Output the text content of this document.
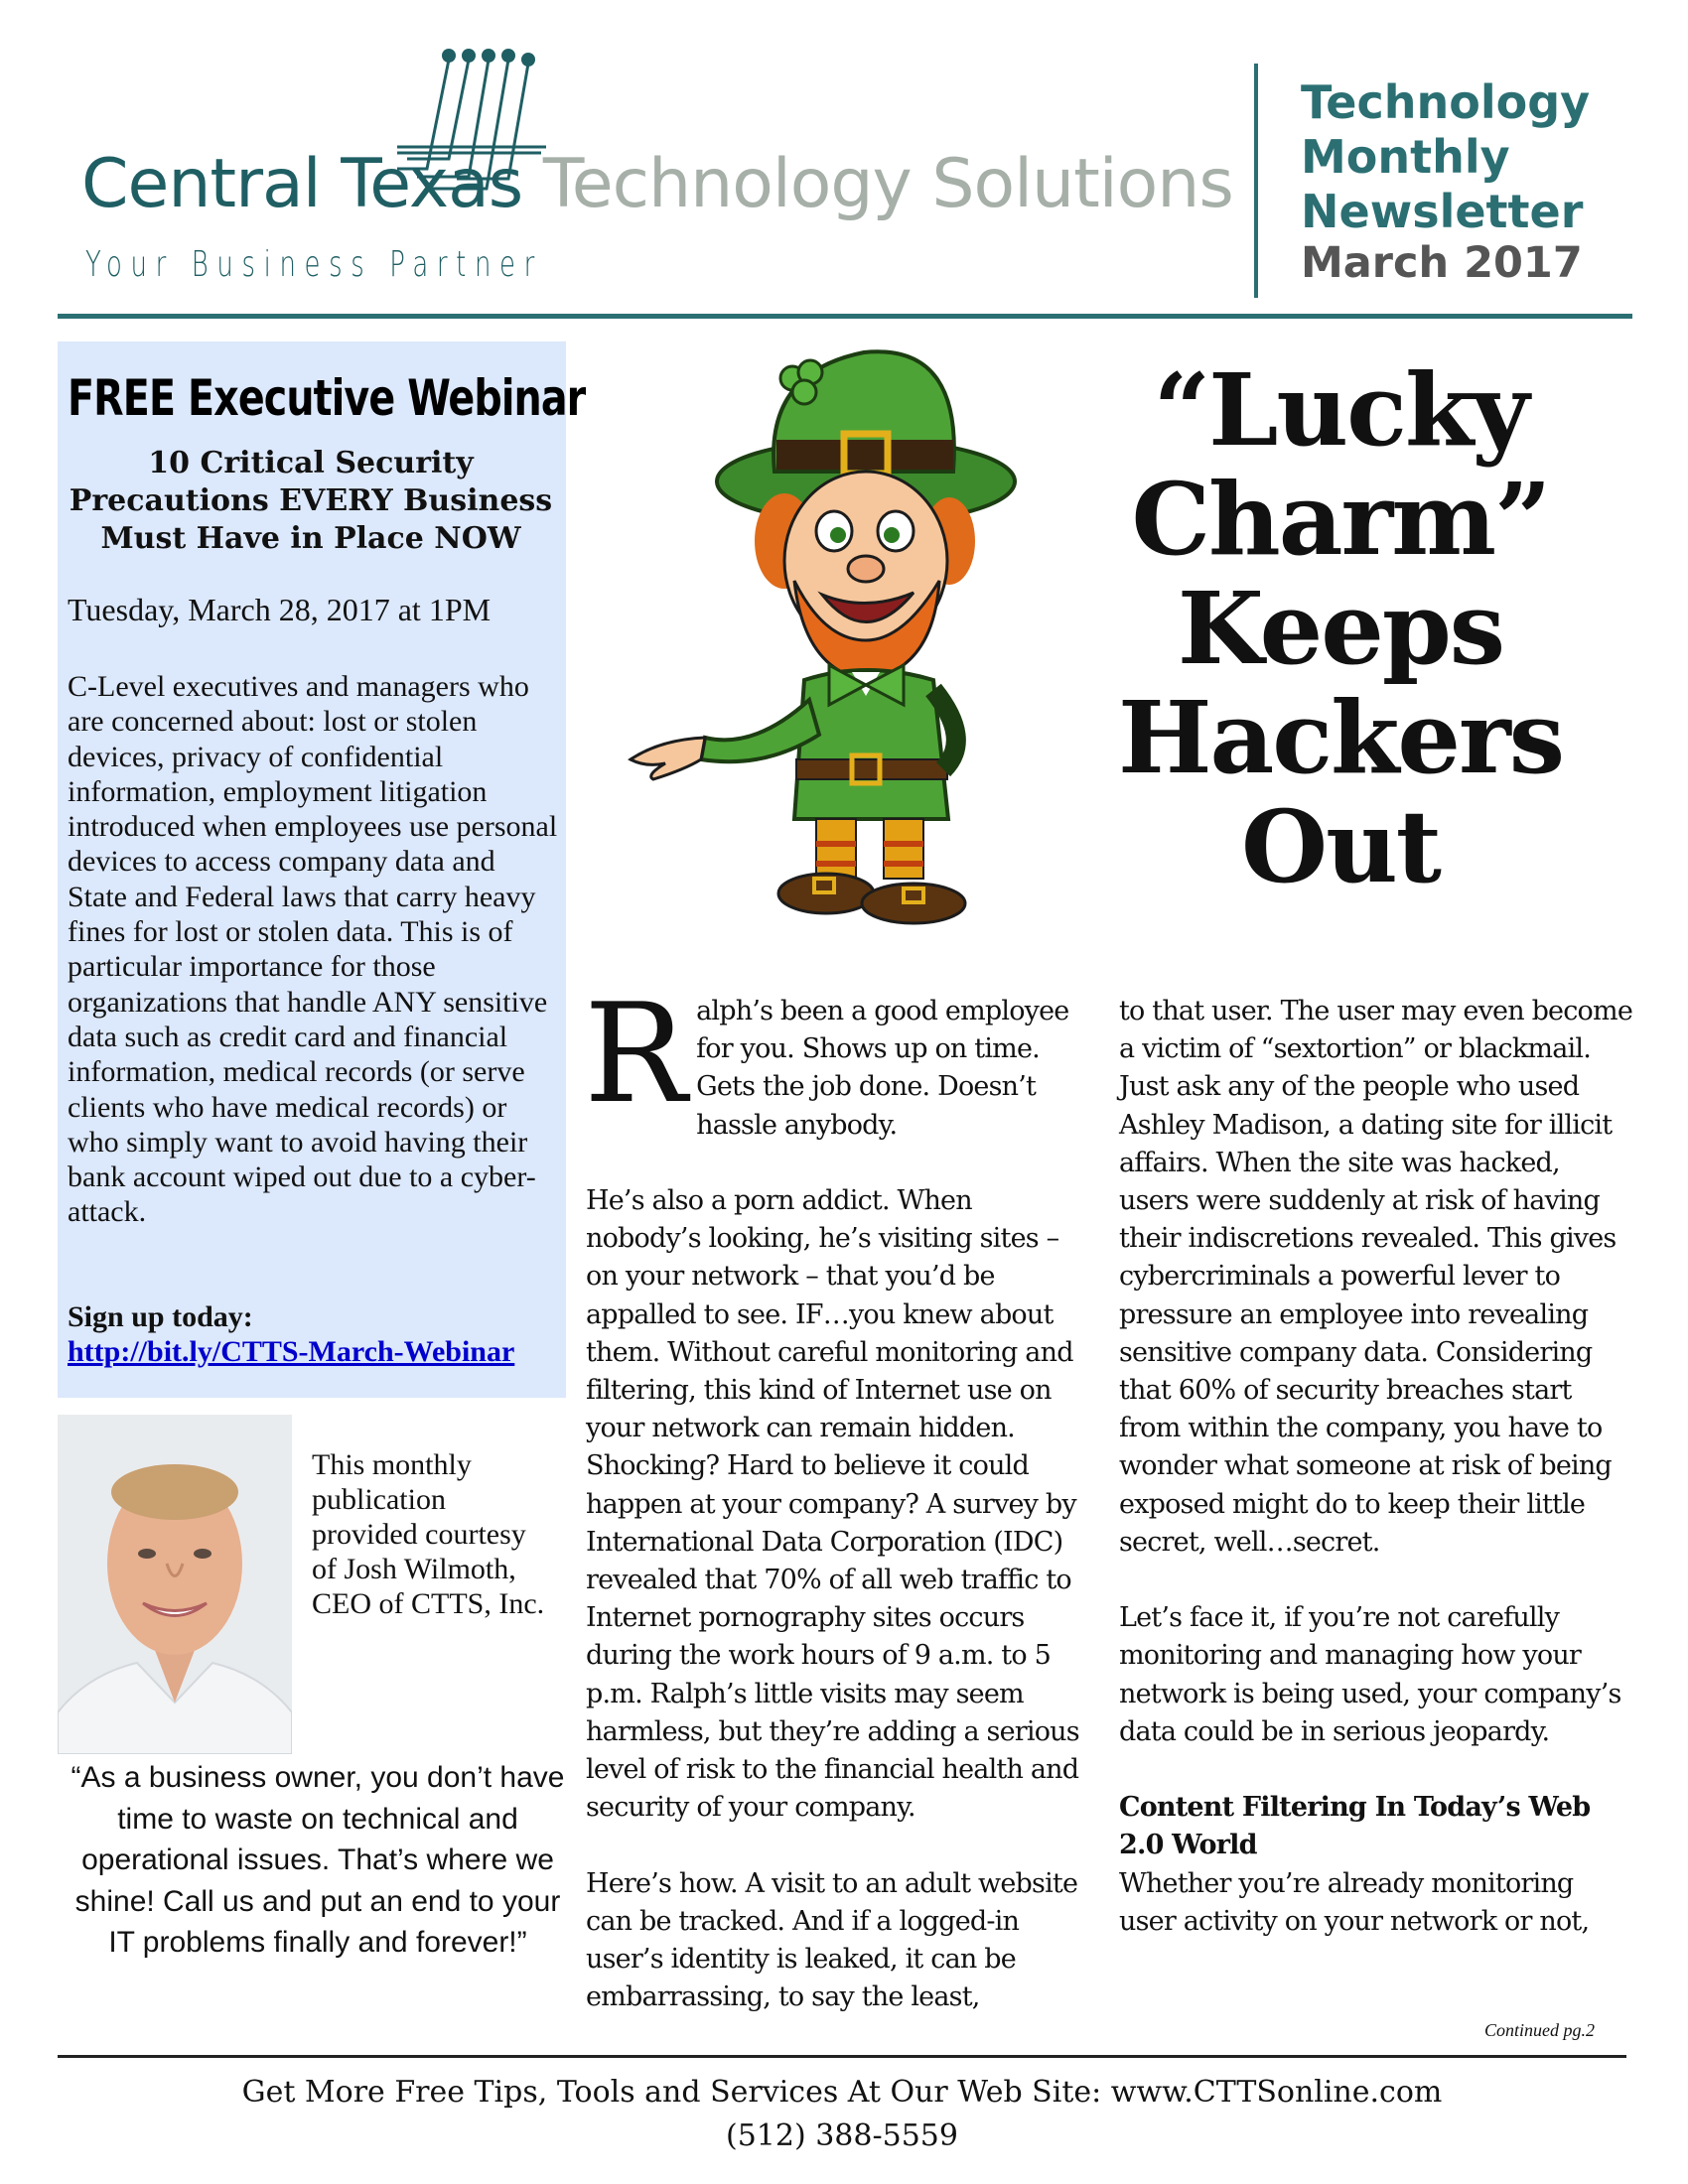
Central Texas Technology Solutions
Your Business Partner
Technology
Monthly
Newsletter
March 2017
FREE Executive Webinar
10 Critical Security
Precautions EVERY Business
Must Have in Place NOW
Tuesday, March 28, 2017 at 1PM
C-Level executives and managers who are concerned about: lost or stolen devices, privacy of confidential information, employment litigation introduced when employees use personal devices to access company data and State and Federal laws that carry heavy fines for lost or stolen data. This is of particular importance for those organizations that handle ANY sensitive data such as credit card and financial information, medical records (or serve clients who have medical records) or who simply want to avoid having their bank account wiped out due to a cyber-attack.
Sign up today:
http://bit.ly/CTTS-March-Webinar
This monthly
publication
provided courtesy
of Josh Wilmoth,
CEO of CTTS, Inc.
“As a business owner, you don’t have time to waste on technical and operational issues. That’s where we shine! Call us and put an end to your IT problems finally and forever!”
“Lucky
Charm”
Keeps
Hackers
Out

Ralph’s been a good employee for you. Shows up on time. Gets the job done. Doesn’t hassle anybody.

He’s also a porn addict. When nobody’s looking, he’s visiting sites – on your network – that you’d be appalled to see. IF…you knew about them. Without careful monitoring and filtering, this kind of Internet use on your network can remain hidden. Shocking? Hard to believe it could happen at your company? A survey by International Data Corporation (IDC) revealed that 70% of all web traffic to Internet pornography sites occurs during the work hours of 9 a.m. to 5 p.m. Ralph’s little visits may seem harmless, but they’re adding a serious level of risk to the financial health and security of your company.

Here’s how. A visit to an adult website can be tracked. And if a logged-in user’s identity is leaked, it can be embarrassing, to say the least,

to that user. The user may even become a victim of “sextortion” or blackmail. Just ask any of the people who used Ashley Madison, a dating site for illicit affairs. When the site was hacked, users were suddenly at risk of having their indiscretions revealed. This gives cybercriminals a powerful lever to pressure an employee into revealing sensitive company data. Considering that 60% of security breaches start from within the company, you have to wonder what someone at risk of being exposed might do to keep their little secret, well…secret.

Let’s face it, if you’re not carefully monitoring and managing how your network is being used, your company’s data could be in serious jeopardy.

Content Filtering In Today’s Web 2.0 World
Whether you’re already monitoring user activity on your network or not,
Continued pg.2
Get More Free Tips, Tools and Services At Our Web Site: www.CTTSonline.com
(512) 388-5559
